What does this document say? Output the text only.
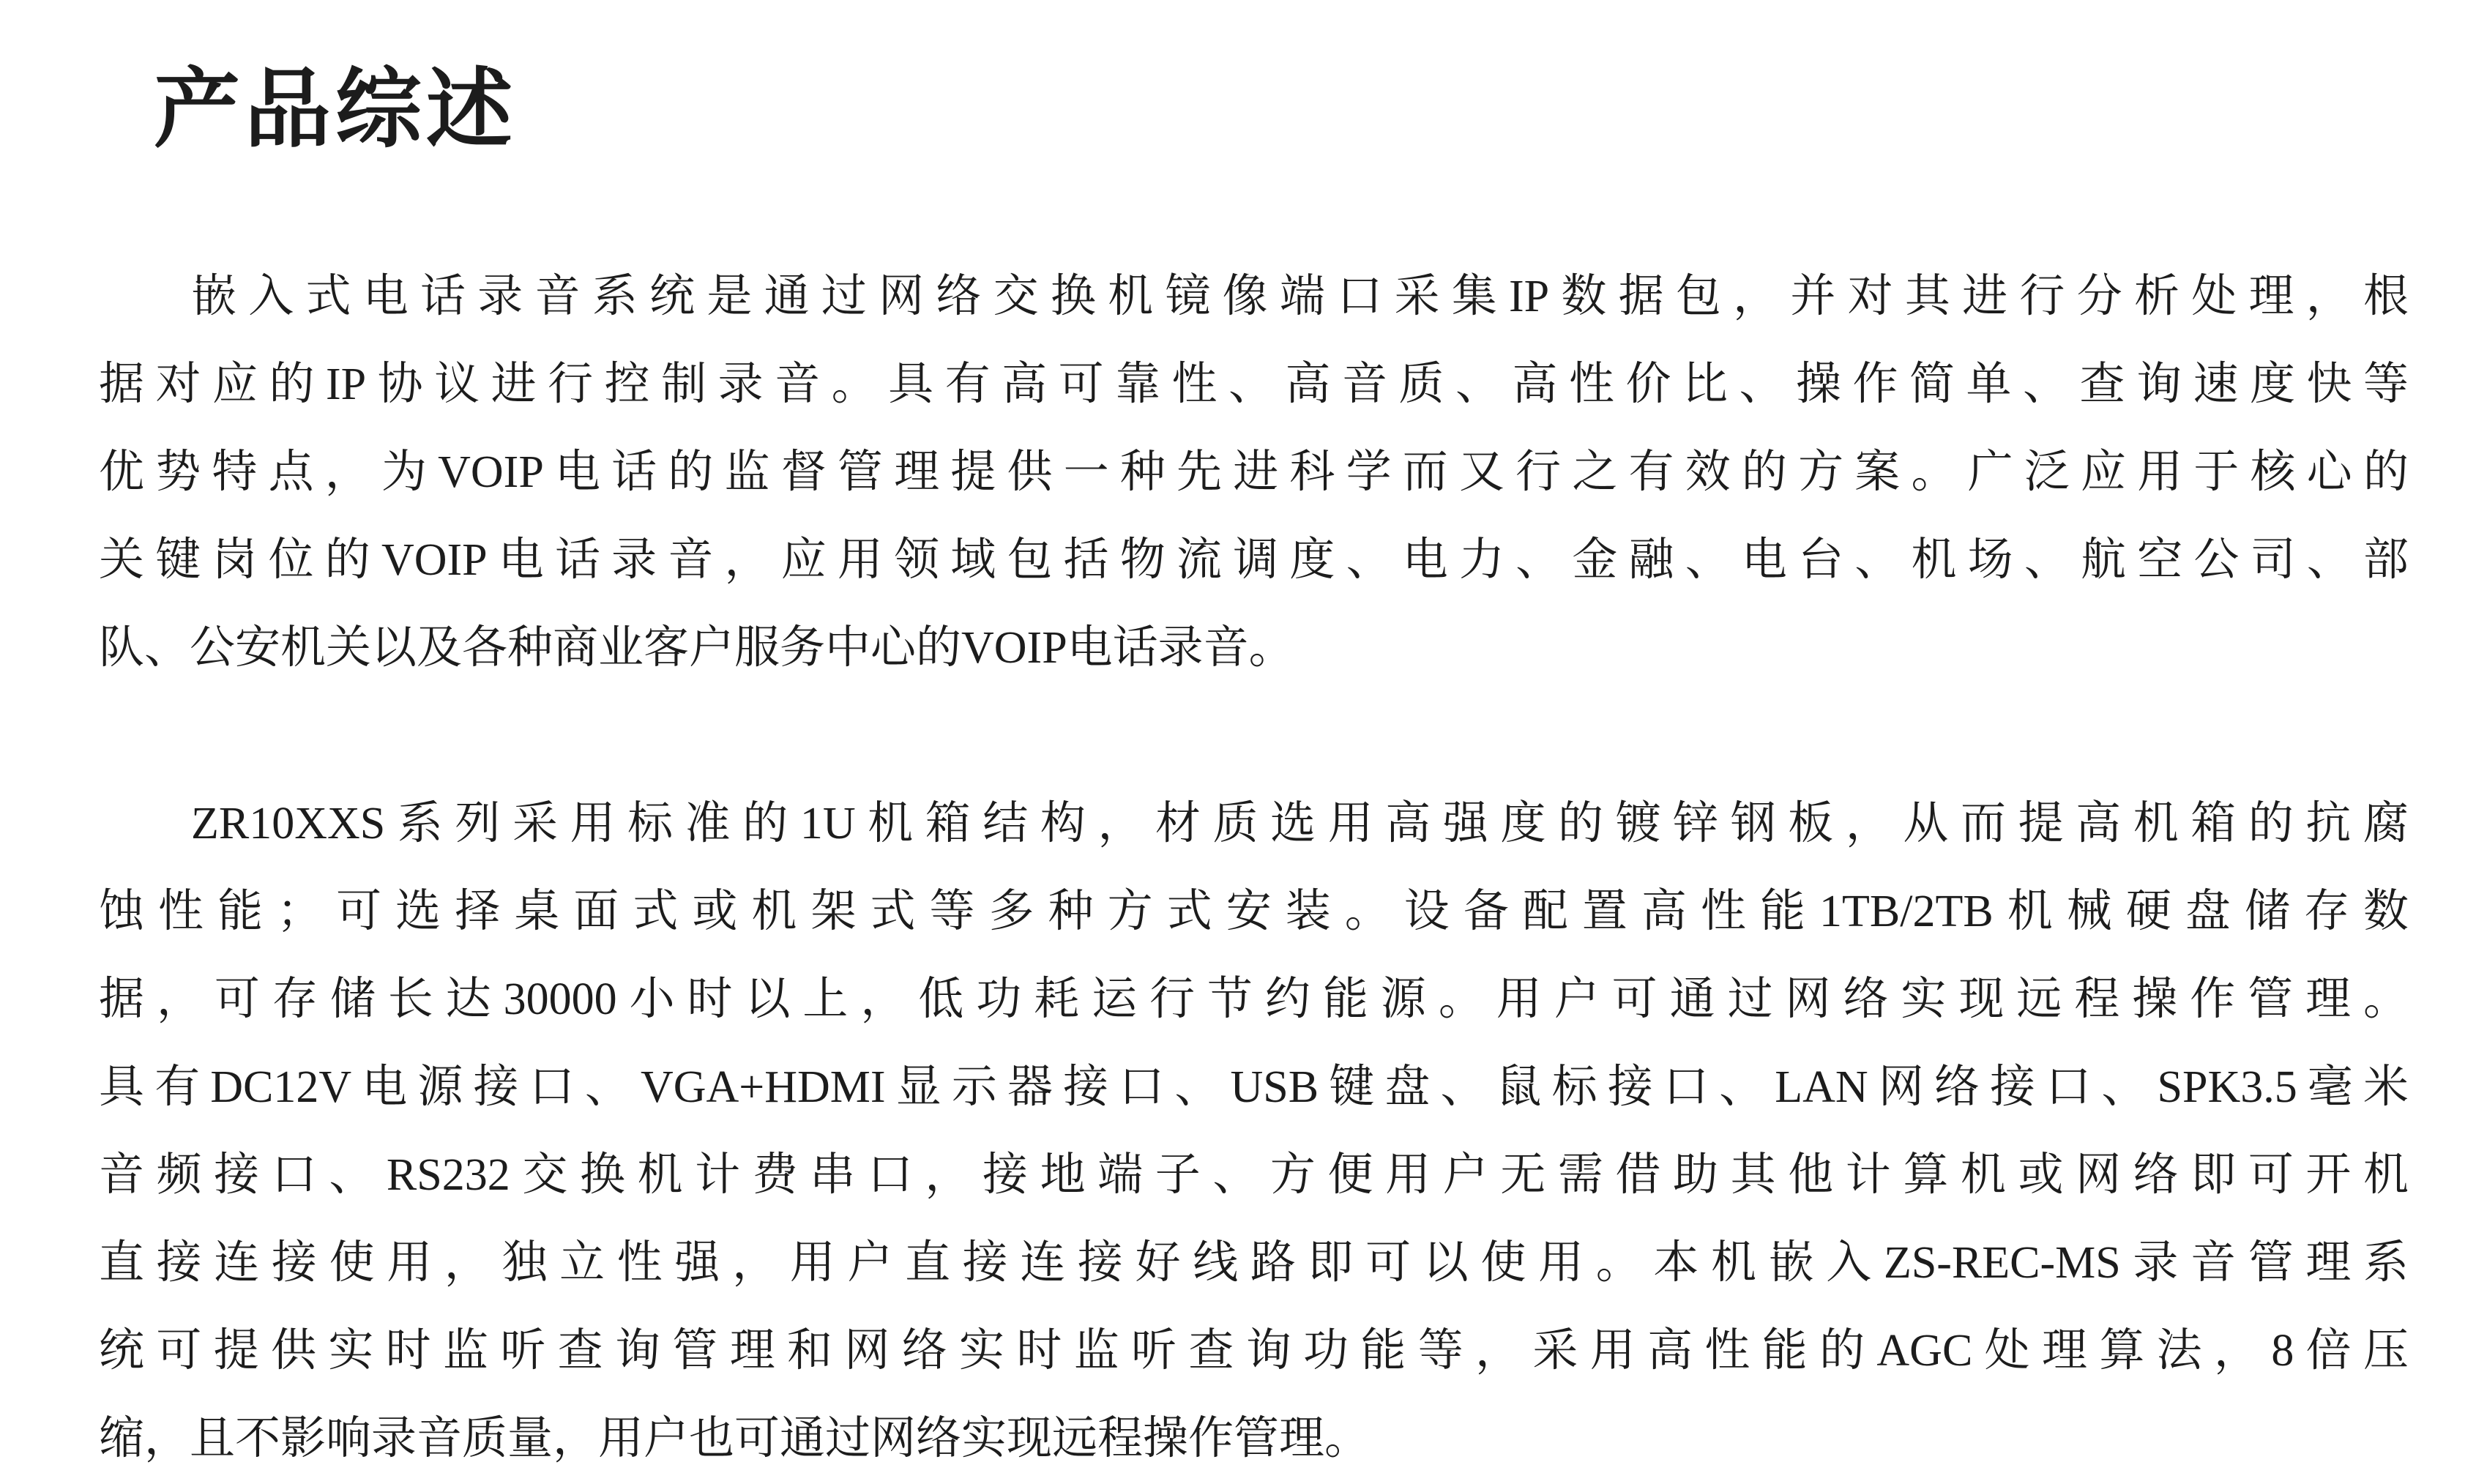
产品综述
嵌入式电话录音系统是通过网络交换机镜像端口采集IP数据包，并对其进行分析处理，根
据对应的IP协议进行控制录音。具有高可靠性、高音质、高性价比、操作简单、查询速度快等
优势特点，为VOIP电话的监督管理提供一种先进科学而又行之有效的方案。广泛应用于核心的
关键岗位的VOIP电话录音，应用领域包括物流调度、电力、金融、电台、机场、航空公司、部
队、公安机关以及各种商业客户服务中心的VOIP电话录音。
ZR10XXS系列采用标准的1U机箱结构，材质选用高强度的镀锌钢板，从而提高机箱的抗腐
蚀性能；可选择桌面式或机架式等多种方式安装。设备配置高性能1TB/2TB机械硬盘储存数
据，可存储长达30000小时以上，低功耗运行节约能源。用户可通过网络实现远程操作管理。
具有DC12V电源接口、VGA+HDMI显示器接口、USB键盘、鼠标接口、LAN网络接口、SPK3.5毫米
音频接口、RS232交换机计费串口，接地端子、方便用户无需借助其他计算机或网络即可开机
直接连接使用，独立性强，用户直接连接好线路即可以使用。本机嵌入ZS-REC-MS录音管理系
统可提供实时监听查询管理和网络实时监听查询功能等，采用高性能的AGC处理算法，8倍压
缩，且不影响录音质量，用户也可通过网络实现远程操作管理。
